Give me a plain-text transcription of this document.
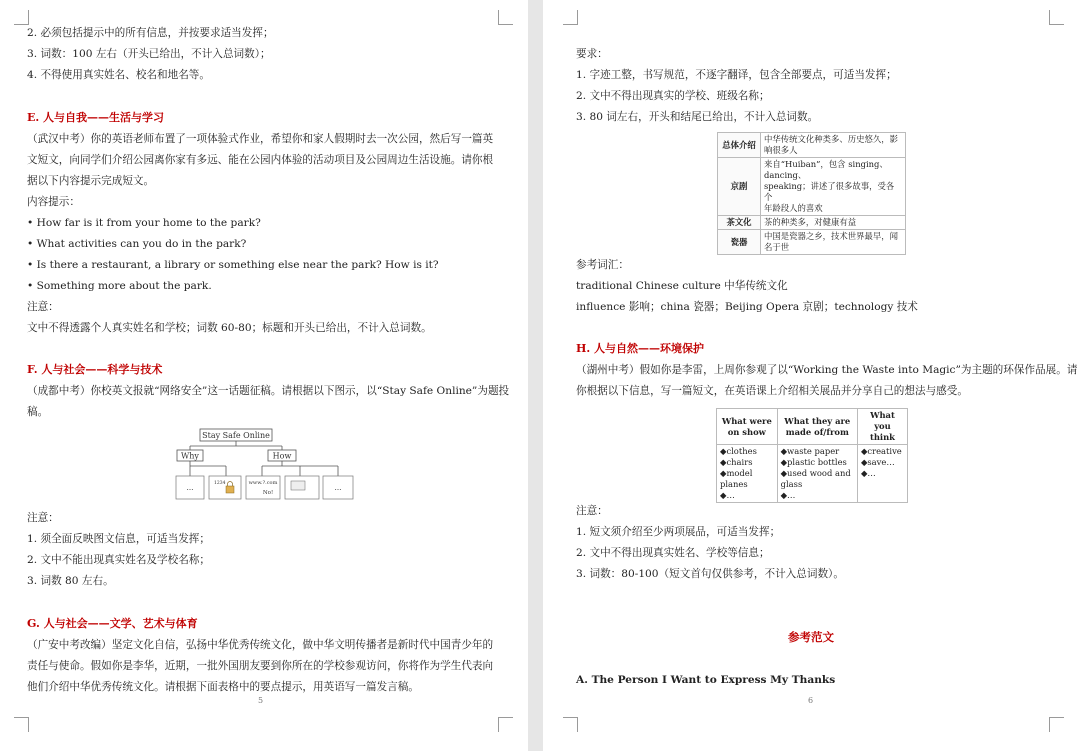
2. 必须包括提示中的所有信息，并按要求适当发挥；
3. 词数：100 左右（开头已给出，不计入总词数）；
4. 不得使用真实姓名、校名和地名等。
E. 人与自我——生活与学习
（武汉中考）你的英语老师布置了一项体验式作业，希望你和家人假期时去一次公园，然后写一篇英
文短文，向同学们介绍公园离你家有多远、能在公园内体验的活动项目及公园周边生活设施。请你根
据以下内容提示完成短文。
内容提示：
• How far is it from your home to the park?
• What activities can you do in the park?
• Is there a restaurant, a library or something else near the park? How is it?
• Something more about the park.
注意：
文中不得透露个人真实姓名和学校；词数 60-80；标题和开头已给出，不计入总词数。
F. 人与社会——科学与技术
（成都中考）你校英文报就“网络安全”这一话题征稿。请根据以下图示，以“Stay Safe Online”为题投
稿。
Stay Safe Online
Why	How
…
1234	www.?.com
No!
…
注意：
1. 须全面反映图文信息，可适当发挥；
2. 文中不能出现真实姓名及学校名称；
3. 词数 80 左右。
G. 人与社会——文学、艺术与体育
（广安中考改编）坚定文化自信，弘扬中华优秀传统文化，做中华文明传播者是新时代中国青少年的
责任与使命。假如你是李华，近期，一批外国朋友要到你所在的学校参观访问，你将作为学生代表向
他们介绍中华优秀传统文化。请根据下面表格中的要点提示，用英语写一篇发言稿。
5
要求：
1. 字迹工整，书写规范，不逐字翻译，包含全部要点，可适当发挥；
2. 文中不得出现真实的学校、班级名称；
3. 80 词左右，开头和结尾已给出，不计入总词数。
总体介绍	中华传统文化种类多、历史悠久，影
响很多人
京剧	来自“Huiban”，包含 singing、dancing、
speaking；讲述了很多故事，受各个
年龄段人的喜欢
茶文化	茶的种类多，对健康有益
瓷器	中国是瓷器之乡，技术世界最早，闻
名于世
参考词汇：
traditional Chinese culture 中华传统文化
influence 影响；china 瓷器；Beijing Opera 京剧；technology 技术
H. 人与自然——环境保护
（湖州中考）假如你是李雷，上周你参观了以“Working the Waste into Magic”为主题的环保作品展。请
你根据以下信息，写一篇短文，在英语课上介绍相关展品并分享自己的想法与感受。
What were
on show	What they are
made of/from	What you
think
◆clothes
◆chairs
◆model planes
◆…	◆waste paper
◆plastic bottles
◆used wood and glass
◆…	◆creative
◆save…
◆…
注意：
1. 短文须介绍至少两项展品，可适当发挥；
2. 文中不得出现真实姓名、学校等信息；
3. 词数：80-100（短文首句仅供参考，不计入总词数）。
参考范文
A. The Person I Want to Express My Thanks
6
